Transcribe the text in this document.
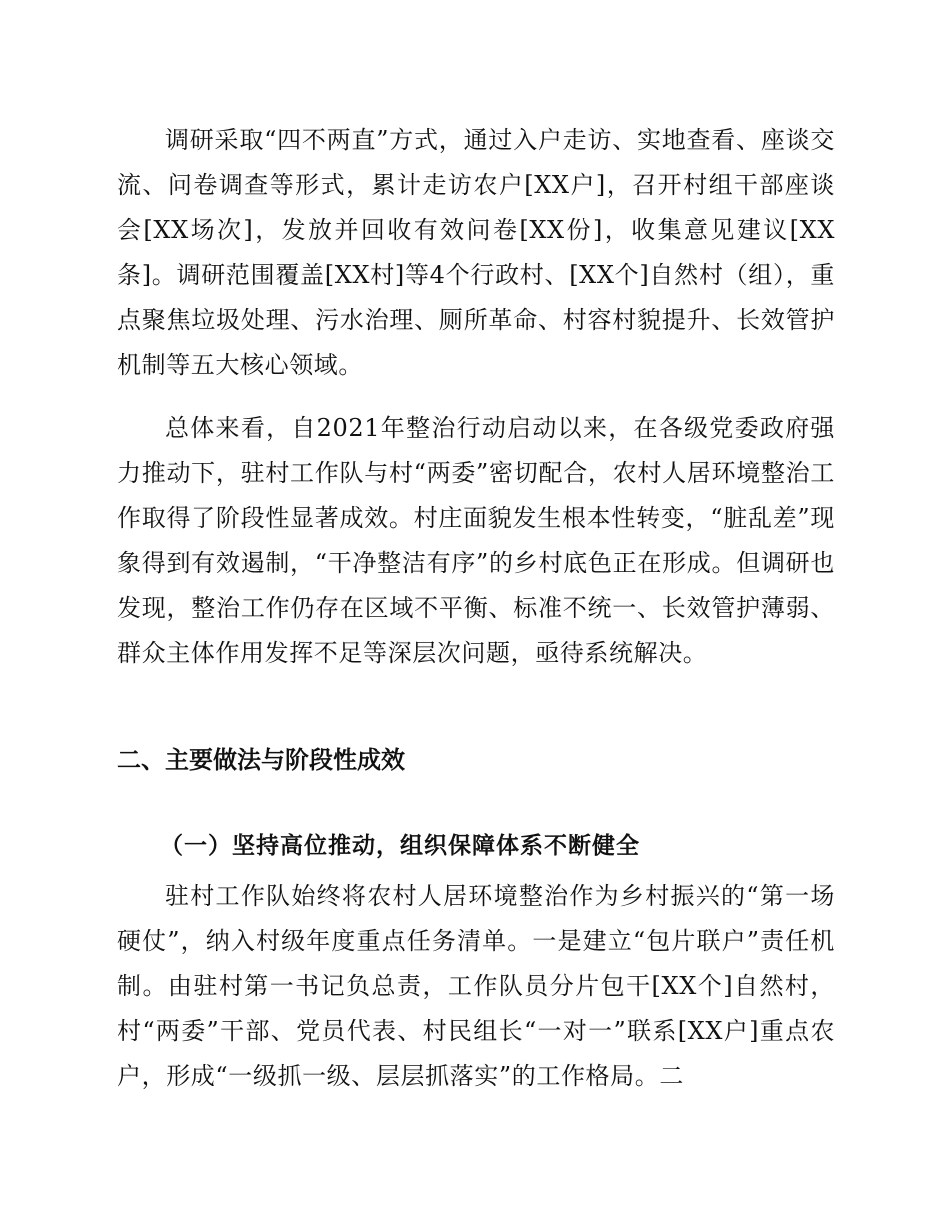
调研采取“四不两直”方式，通过入户走访、实地查看、座谈交流、问卷调查等形式，累计走访农户[XX户]，召开村组干部座谈会[XX场次]，发放并回收有效问卷[XX份]，收集意见建议[XX条]。调研范围覆盖[XX村]等4个行政村、[XX个]自然村（组），重点聚焦垃圾处理、污水治理、厕所革命、村容村貌提升、长效管护机制等五大核心领域。

总体来看，自2021年整治行动启动以来，在各级党委政府强力推动下，驻村工作队与村“两委”密切配合，农村人居环境整治工作取得了阶段性显著成效。村庄面貌发生根本性转变，“脏乱差”现象得到有效遏制，“干净整洁有序”的乡村底色正在形成。但调研也发现，整治工作仍存在区域不平衡、标准不统一、长效管护薄弱、群众主体作用发挥不足等深层次问题，亟待系统解决。

二、主要做法与阶段性成效
（一）坚持高位推动，组织保障体系不断健全

驻村工作队始终将农村人居环境整治作为乡村振兴的“第一场硬仗”，纳入村级年度重点任务清单。一是建立“包片联户”责任机制。由驻村第一书记负总责，工作队员分片包干[XX个]自然村，村“两委”干部、党员代表、村民组长“一对一”联系[XX户]重点农户，形成“一级抓一级、层层抓落实”的工作格局。二
